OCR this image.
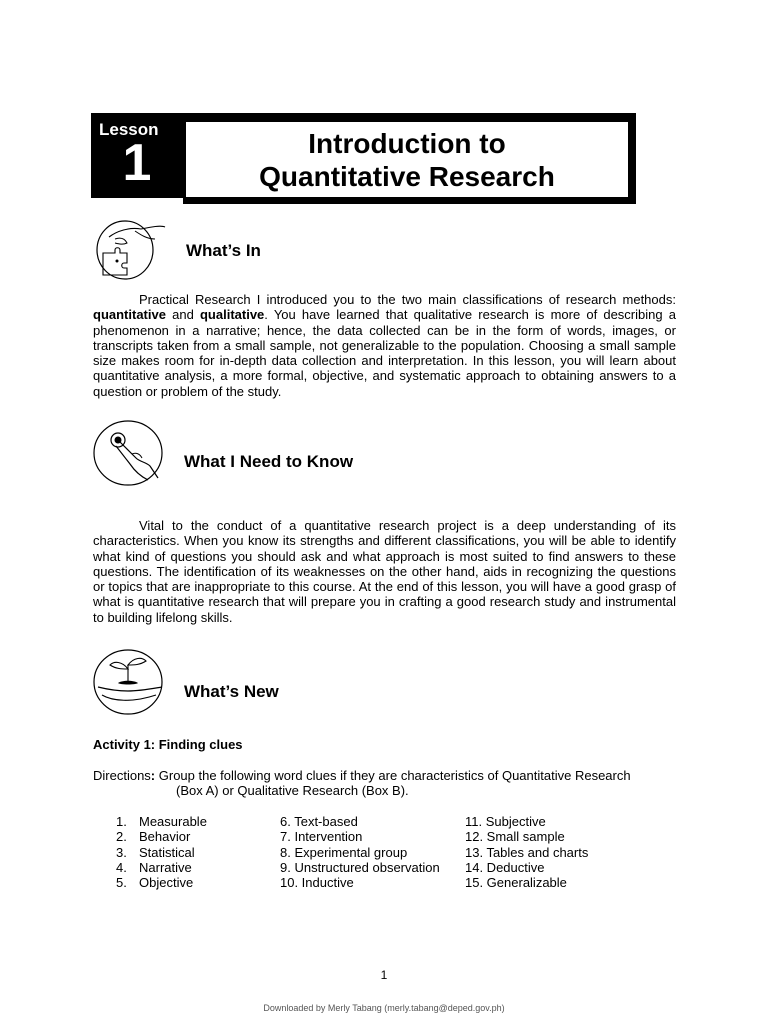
Lesson
1	Introduction to
Quantitative Research
What’s In
Practical Research I introduced you to the two main classifications of research methods: quantitative and qualitative. You have learned that qualitative research is more of describing a phenomenon in a narrative; hence, the data collected can be in the form of words, images, or transcripts taken from a small sample, not generalizable to the population. Choosing a small sample size makes room for in-depth data collection and interpretation. In this lesson, you will learn about quantitative analysis, a more formal, objective, and systematic approach to obtaining answers to a question or problem of the study.
What I Need to Know
Vital to the conduct of a quantitative research project is a deep understanding of its characteristics. When you know its strengths and different classifications, you will be able to identify what kind of questions you should ask and what approach is most suited to find answers to these questions. The identification of its weaknesses on the other hand, aids in recognizing the questions or topics that are inappropriate to this course. At the end of this lesson, you will have a good grasp of what is quantitative research that will prepare you in crafting a good research study and instrumental to building lifelong skills.
What’s New
Activity 1: Finding clues
Directions: Group the following word clues if they are characteristics of Quantitative Research
(Box A) or Qualitative Research (Box B).
1. Measurable
2. Behavior
3. Statistical
4. Narrative
5. Objective
6. Text-based
7. Intervention
8. Experimental group
9. Unstructured observation
10. Inductive
11. Subjective
12. Small sample
13. Tables and charts
14. Deductive
15. Generalizable
1
Downloaded by Merly Tabang (merly.tabang@deped.gov.ph)
